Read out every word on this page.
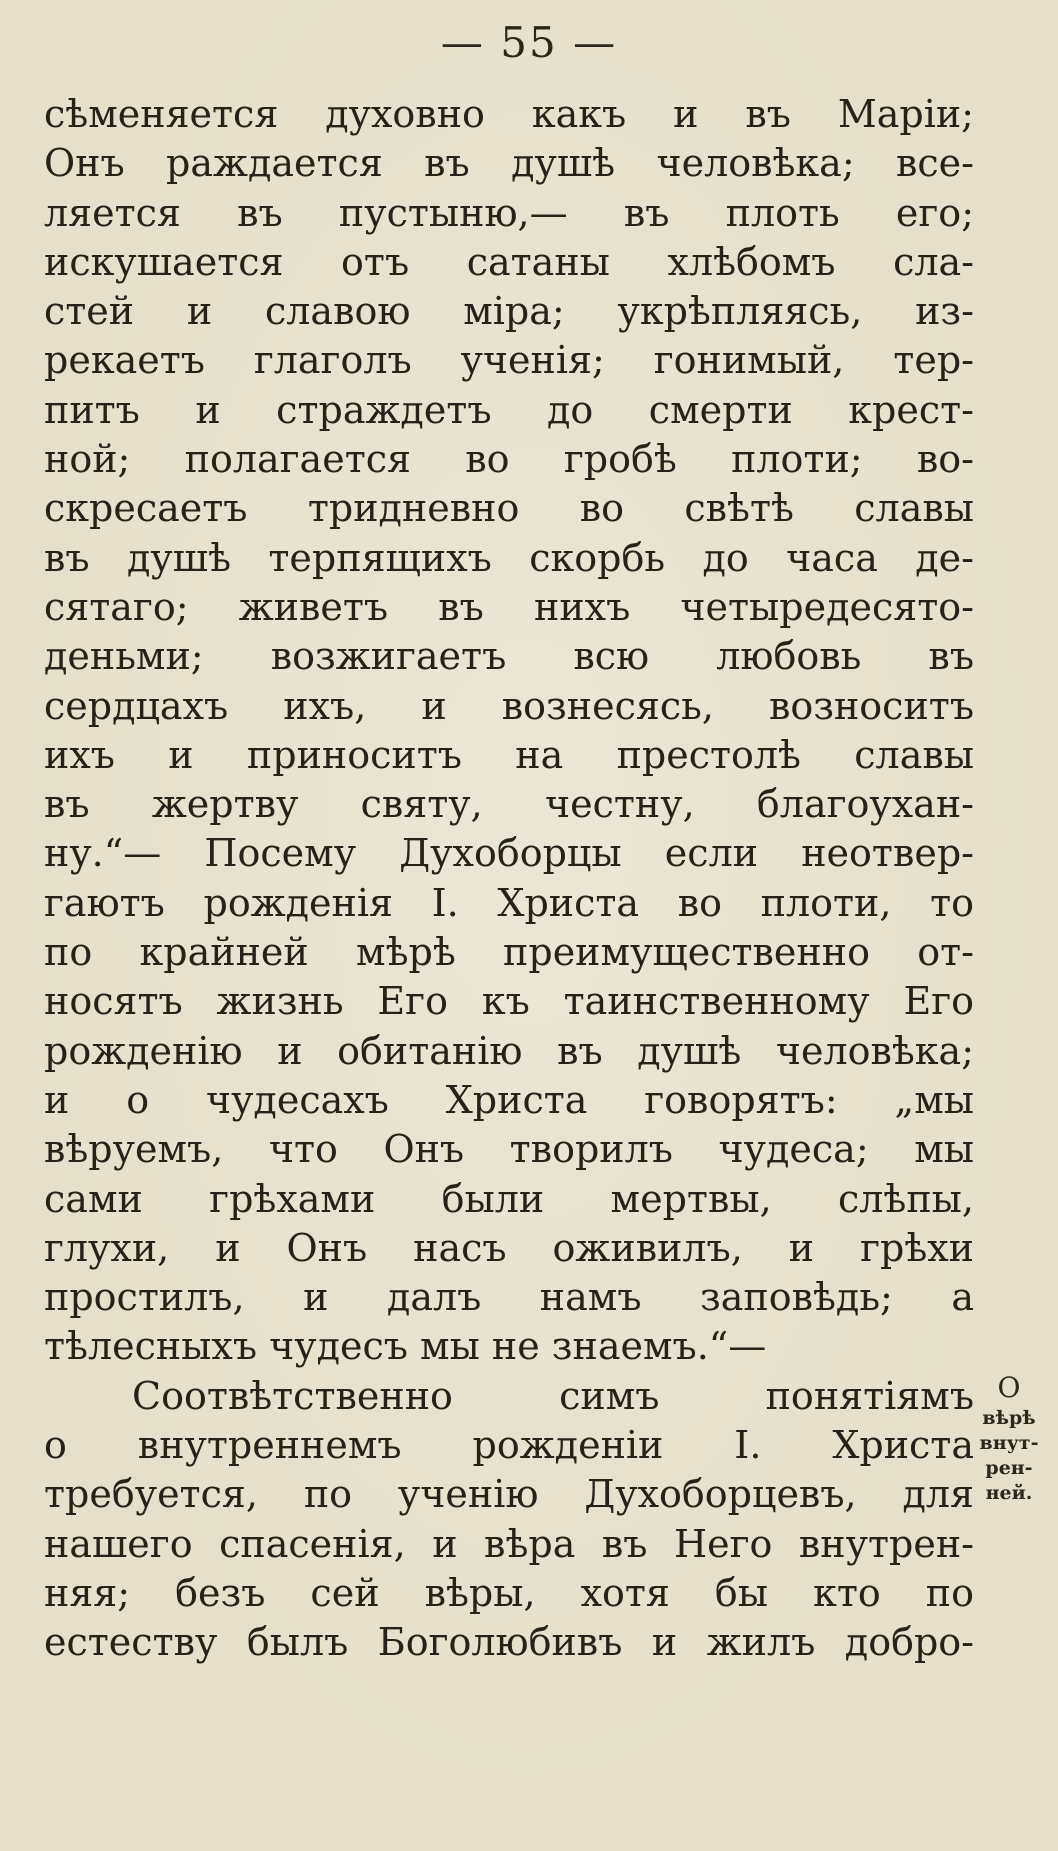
— 55 —
сѣменяется духовно какъ и въ Маріи;
Онъ раждается въ душѣ человѣка; все-
ляется въ пустыню,— въ плоть его;
искушается отъ сатаны хлѣбомъ сла-
стей и славою міра; укрѣпляясь, из-
рекаетъ глаголъ ученія; гонимый, тер-
питъ и страждетъ до смерти крест-
ной; полагается во гробѣ плоти; во-
скресаетъ тридневно во свѣтѣ славы
въ душѣ терпящихъ скорбь до часа де-
сятаго; живетъ въ нихъ четыредесято-
деньми; возжигаетъ всю любовь въ
сердцахъ ихъ, и вознесясь, возноситъ
ихъ и приноситъ на престолѣ славы
въ жертву святу, честну, благоухан-
ну.“— Посему Духоборцы если неотвер-
гаютъ рожденія І. Христа во плоти, то
по крайней мѣрѣ преимущественно от-
носятъ жизнь Его къ таинственному Его
рожденію и обитанію въ душѣ человѣка;
и о чудесахъ Христа говорятъ: „мы
вѣруемъ, что Онъ творилъ чудеса; мы
сами грѣхами были мертвы, слѣпы,
глухи, и Онъ насъ оживилъ, и грѣхи
простилъ, и далъ намъ заповѣдь; а
тѣлесныхъ чудесъ мы не знаемъ.“—
Соотвѣтственно симъ понятіямъ
о внутреннемъ рожденіи І. Христа
требуется, по ученію Духоборцевъ, для
нашего спасенія, и вѣра въ Него внутрен-
няя; безъ сей вѣры, хотя бы кто по
естеству былъ Боголюбивъ и жилъ добро-
О
вѣрѣ
внут-
рен-
ней.
